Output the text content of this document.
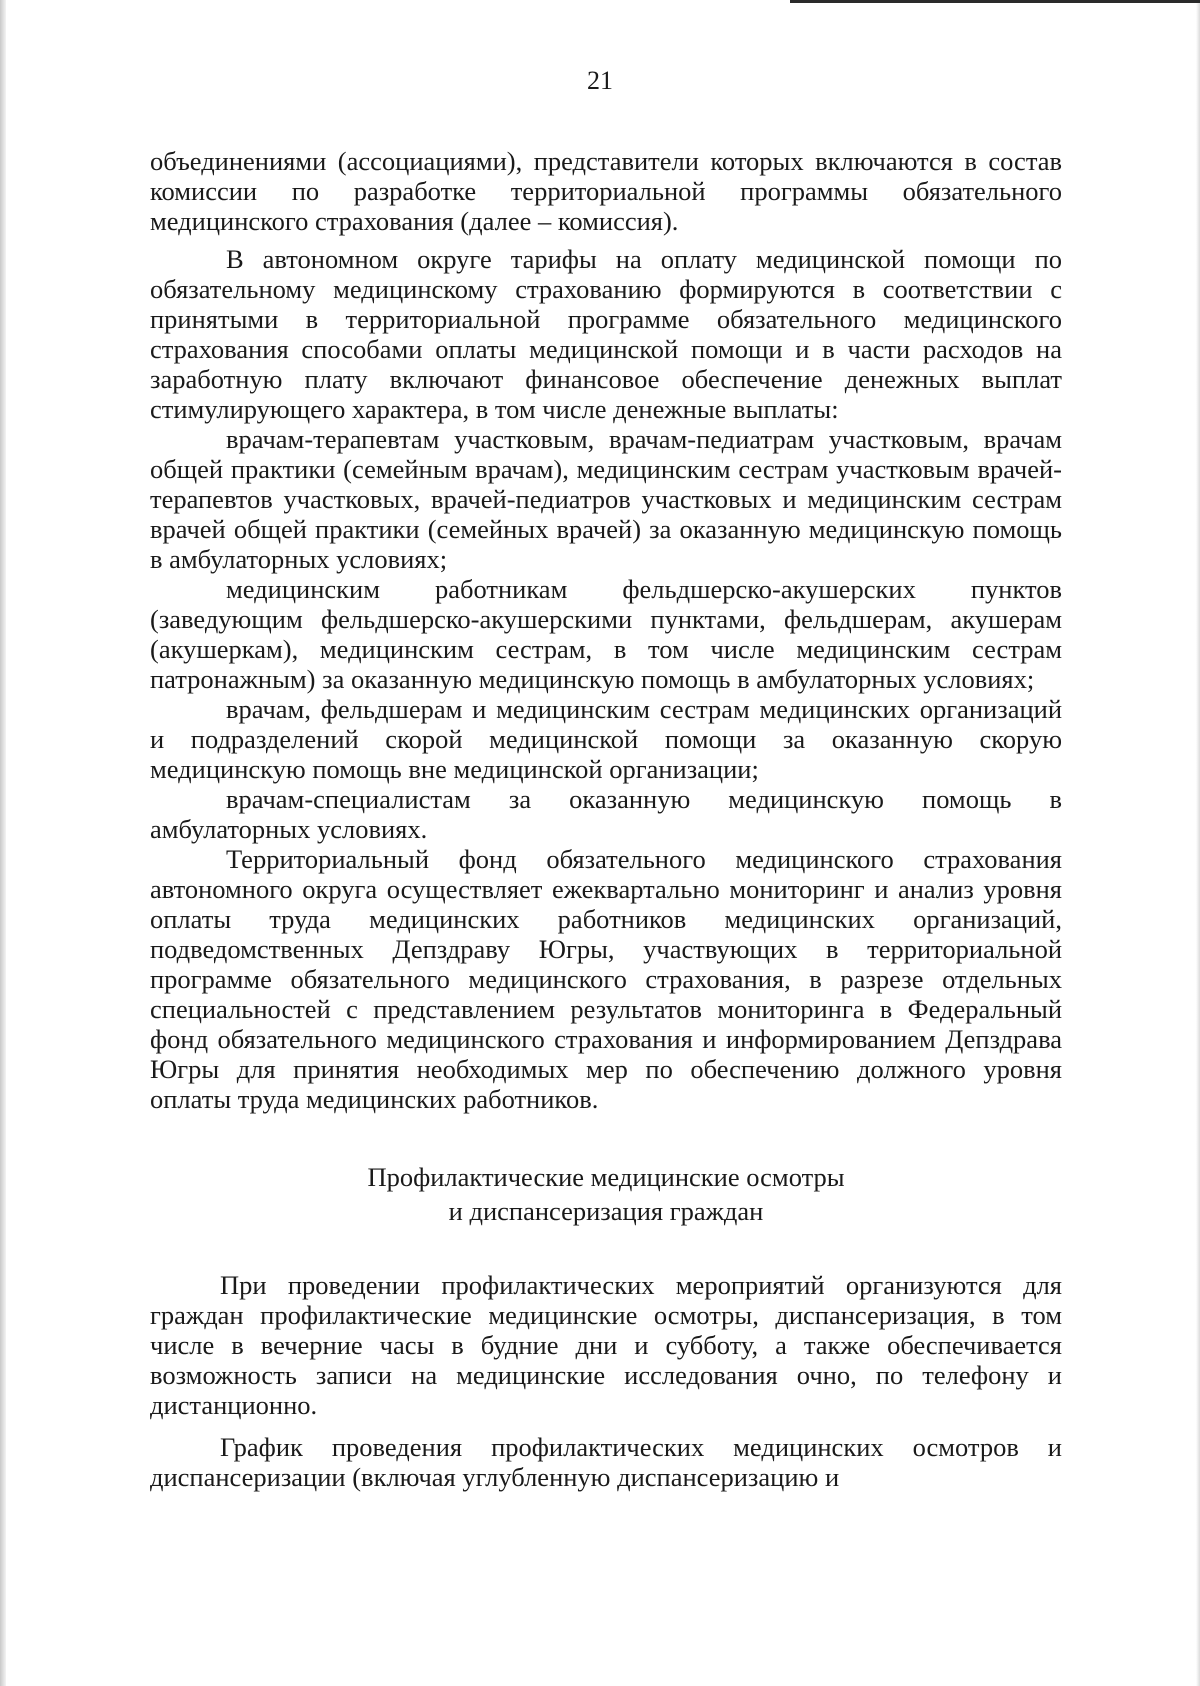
21

объединениями (ассоциациями), представители которых включаются в состав комиссии по разработке территориальной программы обязательного медицинского страхования (далее – комиссия).

В автономном округе тарифы на оплату медицинской помощи по обязательному медицинскому страхованию формируются в соответствии с принятыми в территориальной программе обязательного медицинского страхования способами оплаты медицинской помощи и в части расходов на заработную плату включают финансовое обеспечение денежных выплат стимулирующего характера, в том числе денежные выплаты:

врачам-терапевтам участковым, врачам-педиатрам участковым, врачам общей практики (семейным врачам), медицинским сестрам участковым врачей-терапевтов участковых, врачей-педиатров участковых и медицинским сестрам врачей общей практики (семейных врачей) за оказанную медицинскую помощь в амбулаторных условиях;

медицинским работникам фельдшерско-акушерских пунктов (заведующим фельдшерско-акушерскими пунктами, фельдшерам, акушерам (акушеркам), медицинским сестрам, в том числе медицинским сестрам патронажным) за оказанную медицинскую помощь в амбулаторных условиях;

врачам, фельдшерам и медицинским сестрам медицинских организаций и подразделений скорой медицинской помощи за оказанную скорую медицинскую помощь вне медицинской организации;

врачам-специалистам за оказанную медицинскую помощь в амбулаторных условиях.

Территориальный фонд обязательного медицинского страхования автономного округа осуществляет ежеквартально мониторинг и анализ уровня оплаты труда медицинских работников медицинских организаций, подведомственных Депздраву Югры, участвующих в территориальной программе обязательного медицинского страхования, в разрезе отдельных специальностей с представлением результатов мониторинга в Федеральный фонд обязательного медицинского страхования и информированием Депздрава Югры для принятия необходимых мер по обеспечению должного уровня оплаты труда медицинских работников.

Профилактические медицинские осмотры
и диспансеризация граждан

При проведении профилактических мероприятий организуются для граждан профилактические медицинские осмотры, диспансеризация, в том числе в вечерние часы в будние дни и субботу, а также обеспечивается возможность записи на медицинские исследования очно, по телефону и дистанционно.

График проведения профилактических медицинских осмотров и диспансеризации (включая углубленную диспансеризацию и
